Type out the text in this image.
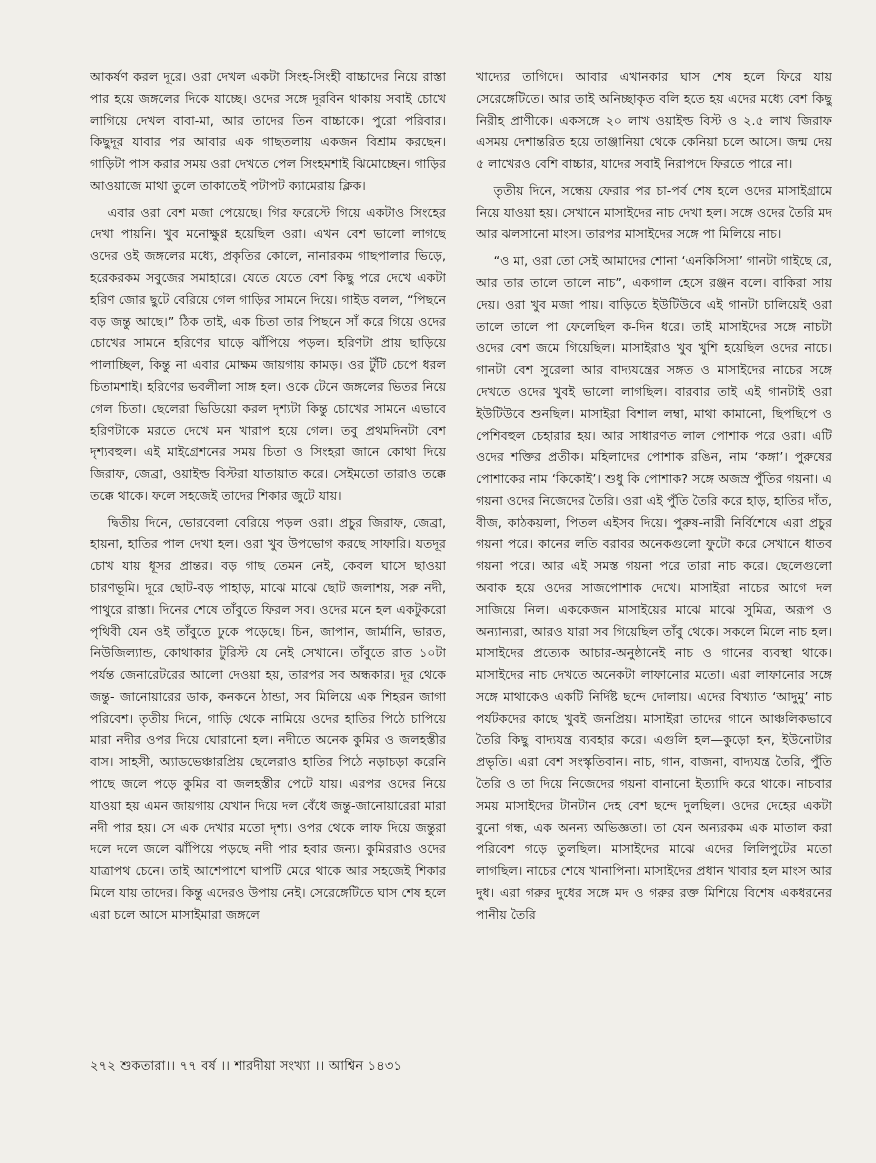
আকর্ষণ করল দূরে। ওরা দেখল একটা সিংহ-সিংহী বাচ্চাদের নিয়ে রাস্তা পার হয়ে জঙ্গলের দিকে যাচ্ছে। ওদের সঙ্গে দূরবিন থাকায় সবাই চোখে লাগিয়ে দেখল বাবা-মা, আর তাদের তিন বাচ্চাকে। পুরো পরিবার। কিছুদূর যাবার পর আবার এক গাছতলায় একজন বিশ্রাম করছেন। গাড়িটা পাস করার সময় ওরা দেখতে পেল সিংহমশাই ঝিমোচ্ছেন। গাড়ির আওয়াজে মাথা তুলে তাকাতেই পটাপট ক্যামেরায় ক্লিক।

এবার ওরা বেশ মজা পেয়েছে। গির ফরেস্টে গিয়ে একটাও সিংহের দেখা পায়নি। খুব মনোক্ষুণ্ণ হয়েছিল ওরা। এখন বেশ ভালো লাগছে ওদের ওই জঙ্গলের মধ্যে, প্রকৃতির কোলে, নানারকম গাছপালার ভিড়ে, হরেকরকম সবুজের সমাহারে। যেতে যেতে বেশ কিছু পরে দেখে একটা হরিণ জোর ছুটে বেরিয়ে গেল গাড়ির সামনে দিয়ে। গাইড বলল, “পিছনে বড় জন্তু আছে।” ঠিক তাই, এক চিতা তার পিছনে সাঁ করে গিয়ে ওদের চোখের সামনে হরিণের ঘাড়ে ঝাঁপিয়ে পড়ল। হরিণটা প্রায় ছাড়িয়ে পালাচ্ছিল, কিন্তু না এবার মোক্ষম জায়গায় কামড়। ওর টুঁটি চেপে ধরল চিতামশাই। হরিণের ভবলীলা সাঙ্গ হল। ওকে টেনে জঙ্গলের ভিতর নিয়ে গেল চিতা। ছেলেরা ভিডিয়ো করল দৃশ্যটা কিন্তু চোখের সামনে এভাবে হরিণটাকে মরতে দেখে মন খারাপ হয়ে গেল। তবু প্রথমদিনটা বেশ দৃশ্যবহুল। এই মাইগ্রেশনের সময় চিতা ও সিংহরা জানে কোথা দিয়ে জিরাফ, জেব্রা, ওয়াইল্ড বিস্টরা যাতায়াত করে। সেইমতো তারাও তক্কে তক্কে থাকে। ফলে সহজেই তাদের শিকার জুটে যায়।

দ্বিতীয় দিনে, ভোরবেলা বেরিয়ে পড়ল ওরা। প্রচুর জিরাফ, জেব্রা, হায়না, হাতির পাল দেখা হল। ওরা খুব উপভোগ করছে সাফারি। যতদূর চোখ যায় ধূসর প্রান্তর। বড় গাছ তেমন নেই, কেবল ঘাসে ছাওয়া চারণভূমি। দূরে ছোট-বড় পাহাড়, মাঝে মাঝে ছোট জলাশয়, সরু নদী, পাথুরে রাস্তা। দিনের শেষে তাঁবুতে ফিরল সব। ওদের মনে হল একটুকরো পৃথিবী যেন ওই তাঁবুতে ঢুকে পড়েছে। চিন, জাপান, জার্মানি, ভারত, নিউজিল্যান্ড, কোথাকার টুরিস্ট যে নেই সেখানে। তাঁবুতে রাত ১০টা পর্যন্ত জেনারেটরের আলো দেওয়া হয়, তারপর সব অন্ধকার। দূর থেকে জন্তু- জানোয়ারের ডাক, কনকনে ঠান্ডা, সব মিলিয়ে এক শিহরন জাগা পরিবেশ। তৃতীয় দিনে, গাড়ি থেকে নামিয়ে ওদের হাতির পিঠে চাপিয়ে মারা নদীর ওপর দিয়ে ঘোরানো হল। নদীতে অনেক কুমির ও জলহস্তীর বাস। সাহসী, অ্যাডভেঞ্চারপ্রিয় ছেলেরাও হাতির পিঠে নড়াচড়া করেনি পাছে জলে পড়ে কুমির বা জলহস্তীর পেটে যায়। এরপর ওদের নিয়ে যাওয়া হয় এমন জায়গায় যেখান দিয়ে দল বেঁধে জন্তু-জানোয়ারেরা মারা নদী পার হয়। সে এক দেখার মতো দৃশ্য। ওপর থেকে লাফ দিয়ে জন্তুরা দলে দলে জলে ঝাঁপিয়ে পড়ছে নদী পার হবার জন্য। কুমিররাও ওদের যাত্রাপথ চেনে। তাই আশেপাশে ঘাপটি মেরে থাকে আর সহজেই শিকার মিলে যায় তাদের। কিন্তু এদেরও উপায় নেই। সেরেঙ্গেটিতে ঘাস শেষ হলে এরা চলে আসে মাসাইমারা জঙ্গলে

খাদ্যের তাগিদে। আবার এখানকার ঘাস শেষ হলে ফিরে যায় সেরেঙ্গেটিতে। আর তাই অনিচ্ছাকৃত বলি হতে হয় এদের মধ্যে বেশ কিছু নিরীহ প্রাণীকে। একসঙ্গে ২০ লাখ ওয়াইল্ড বিস্ট ও ২.৫ লাখ জিরাফ এসময় দেশান্তরিত হয়ে তাঞ্জানিয়া থেকে কেনিয়া চলে আসে। জন্ম দেয় ৫ লাখেরও বেশি বাচ্চার, যাদের সবাই নিরাপদে ফিরতে পারে না।

তৃতীয় দিনে, সন্ধেয় ফেরার পর চা-পর্ব শেষ হলে ওদের মাসাইগ্রামে নিয়ে যাওয়া হয়। সেখানে মাসাইদের নাচ দেখা হল। সঙ্গে ওদের তৈরি মদ আর ঝলসানো মাংস। তারপর মাসাইদের সঙ্গে পা মিলিয়ে নাচ।

“ও মা, ওরা তো সেই আমাদের শোনা ‘এনকিসিসা’ গানটা গাইছে রে, আর তার তালে তালে নাচ”, একগাল হেসে রঞ্জন বলে। বাকিরা সায় দেয়। ওরা খুব মজা পায়। বাড়িতে ইউটিউবে এই গানটা চালিয়েই ওরা তালে তালে পা ফেলেছিল ক-দিন ধরে। তাই মাসাইদের সঙ্গে নাচটা ওদের বেশ জমে গিয়েছিল। মাসাইরাও খুব খুশি হয়েছিল ওদের নাচে। গানটা বেশ সুরেলা আর বাদ্যযন্ত্রের সঙ্গত ও মাসাইদের নাচের সঙ্গে দেখতে ওদের খুবই ভালো লাগছিল। বারবার তাই এই গানটাই ওরা ইউটিউবে শুনছিল। মাসাইরা বিশাল লম্বা, মাথা কামানো, ছিপছিপে ও পেশিবহুল চেহারার হয়। আর সাধারণত লাল পোশাক পরে ওরা। এটি ওদের শক্তির প্রতীক। মহিলাদের পোশাক রঙিন, নাম ‘কঙ্গা’। পুরুষের পোশাকের নাম ‘কিকোই’। শুধু কি পোশাক? সঙ্গে অজস্র পুঁতির গয়না। এ গয়না ওদের নিজেদের তৈরি। ওরা এই পুঁতি তৈরি করে হাড়, হাতির দাঁত, বীজ, কাঠকয়লা, পিতল এইসব দিয়ে। পুরুষ-নারী নির্বিশেষে এরা প্রচুর গয়না পরে। কানের লতি বরাবর অনেকগুলো ফুটো করে সেখানে ধাতব গয়না পরে। আর এই সমস্ত গয়না পরে তারা নাচ করে। ছেলেগুলো অবাক হয়ে ওদের সাজপোশাক দেখে। মাসাইরা নাচের আগে দল সাজিয়ে নিল। এককেজন মাসাইয়ের মাঝে মাঝে সুমিত্র, অরূপ ও অন্যান্যরা, আরও যারা সব গিয়েছিল তাঁবু থেকে। সকলে মিলে নাচ হল। মাসাইদের প্রত্যেক আচার-অনুষ্ঠানেই নাচ ও গানের ব্যবস্থা থাকে। মাসাইদের নাচ দেখতে অনেকটা লাফানোর মতো। এরা লাফানোর সঙ্গে সঙ্গে মাথাকেও একটি নির্দিষ্ট ছন্দে দোলায়। এদের বিখ্যাত ‘আদুমু’ নাচ পর্যটকদের কাছে খুবই জনপ্রিয়। মাসাইরা তাদের গানে আঞ্চলিকভাবে তৈরি কিছু বাদ্যযন্ত্র ব্যবহার করে। এগুলি হল—কুড়ো হন, ইউনোটার প্রভৃতি। এরা বেশ সংস্কৃতিবান। নাচ, গান, বাজনা, বাদ্যযন্ত্র তৈরি, পুঁতি তৈরি ও তা দিয়ে নিজেদের গয়না বানানো ইত্যাদি করে থাকে। নাচবার সময় মাসাইদের টানটান দেহ বেশ ছন্দে দুলছিল। ওদের দেহের একটা বুনো গন্ধ, এক অনন্য অভিজ্ঞতা। তা যেন অন্যরকম এক মাতাল করা পরিবেশ গড়ে তুলছিল। মাসাইদের মাঝে এদের লিলিপুটের মতো লাগছিল। নাচের শেষে খানাপিনা। মাসাইদের প্রধান খাবার হল মাংস আর দুধ। এরা গরুর দুধের সঙ্গে মদ ও গরুর রক্ত মিশিয়ে বিশেষ একধরনের পানীয় তৈরি

২৭২ শুকতারা।। ৭৭ বর্ষ ।। শারদীয়া সংখ্যা ।। আশ্বিন ১৪৩১
